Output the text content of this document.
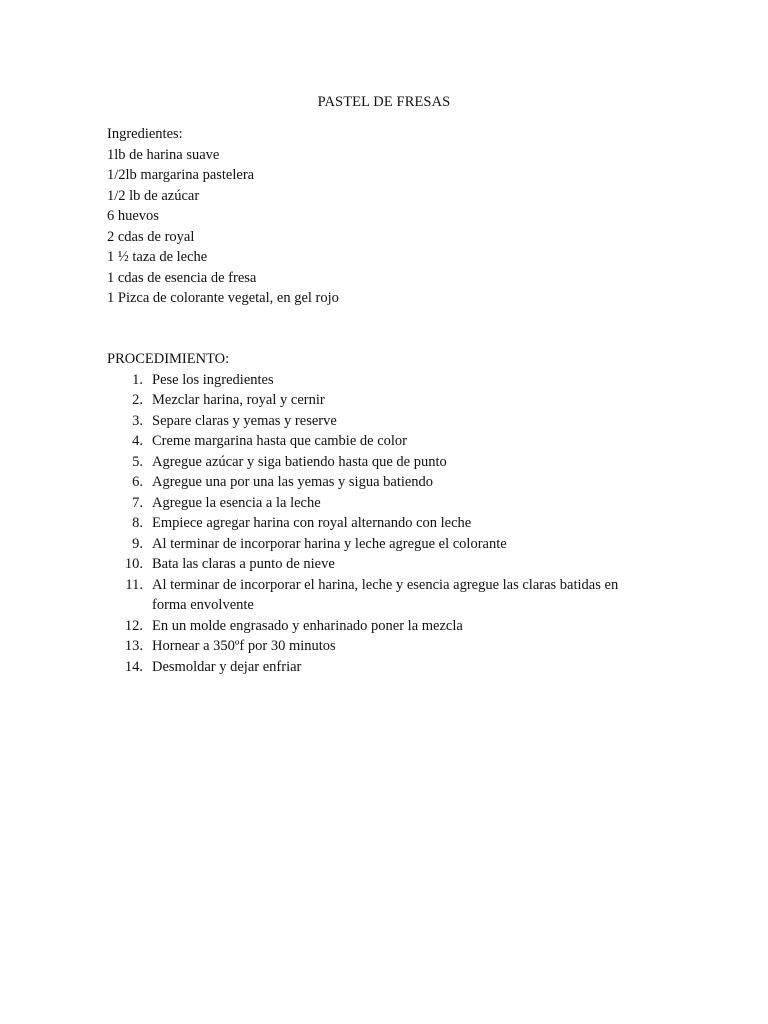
PASTEL DE FRESAS
Ingredientes:
1lb de harina suave
1/2lb margarina pastelera
1/2 lb de azúcar
6 huevos
2 cdas de royal
1 ½ taza de leche
1 cdas de esencia de fresa
1 Pizca de colorante vegetal, en gel rojo
PROCEDIMIENTO:
1. Pese los ingredientes
2. Mezclar harina, royal y cernir
3. Separe claras y yemas y reserve
4. Creme margarina hasta que cambie de color
5. Agregue azúcar y siga batiendo hasta que de punto
6. Agregue una por una las yemas y sigua batiendo
7. Agregue la esencia a la leche
8. Empiece agregar harina con royal alternando con leche
9. Al terminar de incorporar harina y leche agregue el colorante
10. Bata las claras a punto de nieve
11. Al terminar de incorporar el harina, leche y esencia agregue las claras batidas en forma envolvente
12. En un molde engrasado y enharinado poner la mezcla
13. Hornear a 350ºf por 30 minutos
14. Desmoldar y dejar enfriar
